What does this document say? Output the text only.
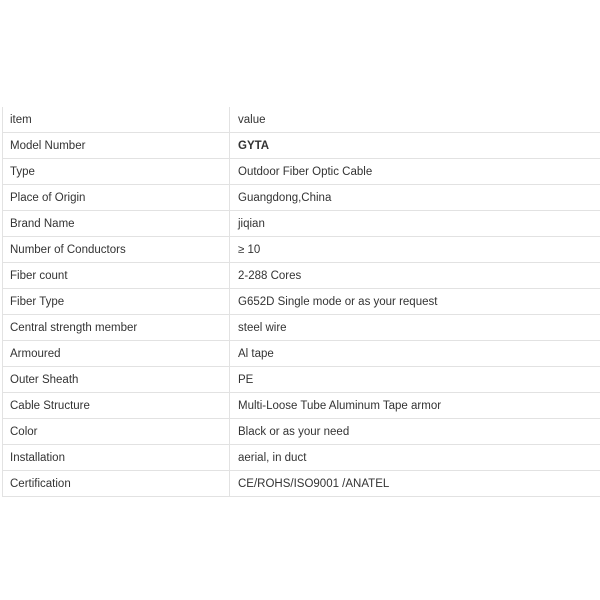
item	value
Model Number	GYTA
Type	Outdoor Fiber Optic Cable
Place of Origin	Guangdong,China
Brand Name	jiqian
Number of Conductors	≥ 10
Fiber count	2-288 Cores
Fiber Type	G652D Single mode or as your request
Central strength member	steel wire
Armoured	Al tape
Outer Sheath	PE
Cable Structure	Multi-Loose Tube Aluminum Tape armor
Color	Black or as your need
Installation	aerial, in duct
Certification	CE/ROHS/ISO9001 /ANATEL
